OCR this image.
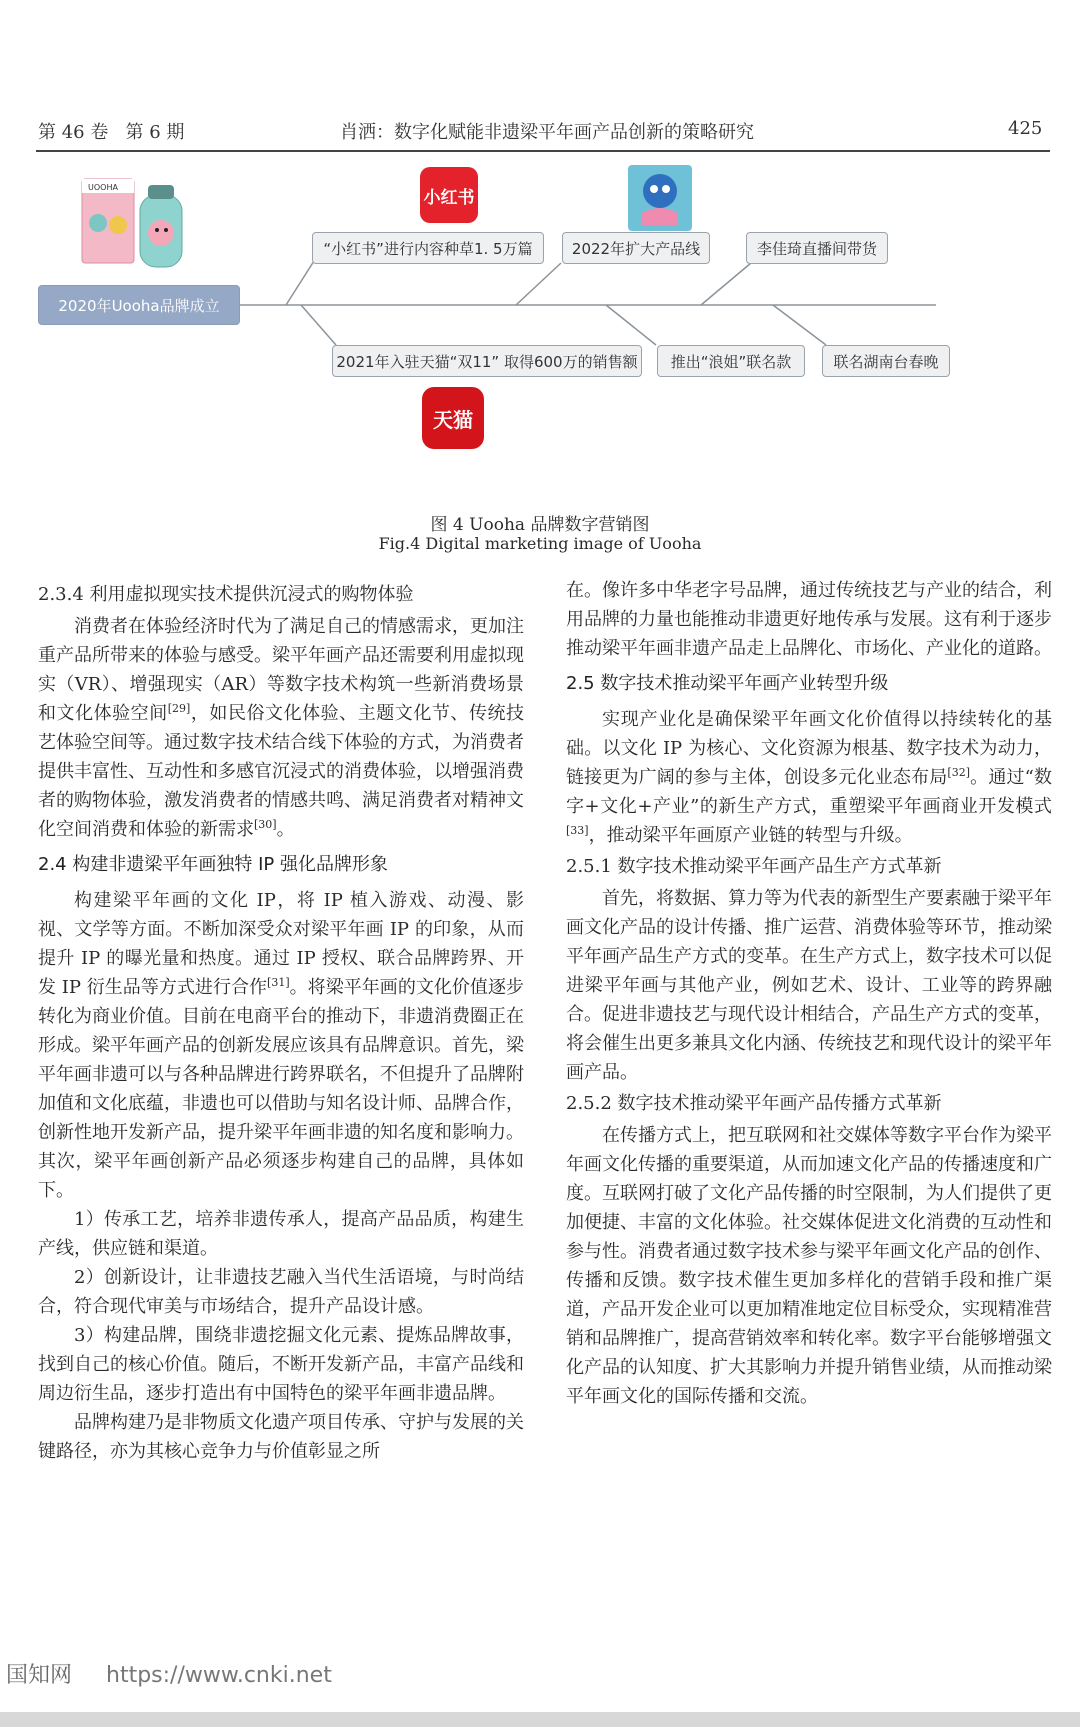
第 46 卷 第 6 期	肖洒：数字化赋能非遗梁平年画产品创新的策略研究	425
UOOHA	小红书
2020年Uooha品牌成立
“小红书”进行内容种草1. 5万篇	2022年扩大产品线	李佳琦直播间带货
2021年入驻天猫“双11” 取得600万的销售额	推出“浪姐”联名款	联名湖南台春晚
天猫
图 4 Uooha 品牌数字营销图
Fig.4 Digital marketing image of Uooha
2.3.4 利用虚拟现实技术提供沉浸式的购物体验

消费者在体验经济时代为了满足自己的情感需求，更加注重产品所带来的体验与感受。梁平年画产品还需要利用虚拟现实（VR）、增强现实（AR）等数字技术构筑一些新消费场景和文化体验空间[29]，如民俗文化体验、主题文化节、传统技艺体验空间等。通过数字技术结合线下体验的方式，为消费者提供丰富性、互动性和多感官沉浸式的消费体验，以增强消费者的购物体验，激发消费者的情感共鸣、满足消费者对精神文化空间消费和体验的新需求[30]。

2.4 构建非遗梁平年画独特 IP 强化品牌形象

构建梁平年画的文化 IP，将 IP 植入游戏、动漫、影视、文学等方面。不断加深受众对梁平年画 IP 的印象，从而提升 IP 的曝光量和热度。通过 IP 授权、联合品牌跨界、开发 IP 衍生品等方式进行合作[31]。将梁平年画的文化价值逐步转化为商业价值。目前在电商平台的推动下，非遗消费圈正在形成。梁平年画产品的创新发展应该具有品牌意识。首先，梁平年画非遗可以与各种品牌进行跨界联名，不但提升了品牌附加值和文化底蕴，非遗也可以借助与知名设计师、品牌合作，创新性地开发新产品，提升梁平年画非遗的知名度和影响力。其次，梁平年画创新产品必须逐步构建自己的品牌，具体如下。

1）传承工艺，培养非遗传承人，提高产品品质，构建生产线，供应链和渠道。

2）创新设计，让非遗技艺融入当代生活语境，与时尚结合，符合现代审美与市场结合，提升产品设计感。

3）构建品牌，围绕非遗挖掘文化元素、提炼品牌故事，找到自己的核心价值。随后，不断开发新产品，丰富产品线和周边衍生品，逐步打造出有中国特色的梁平年画非遗品牌。

品牌构建乃是非物质文化遗产项目传承、守护与发展的关键路径，亦为其核心竞争力与价值彰显之所

在。像许多中华老字号品牌，通过传统技艺与产业的结合，利用品牌的力量也能推动非遗更好地传承与发展。这有利于逐步推动梁平年画非遗产品走上品牌化、市场化、产业化的道路。

2.5 数字技术推动梁平年画产业转型升级

实现产业化是确保梁平年画文化价值得以持续转化的基础。以文化 IP 为核心、文化资源为根基、数字技术为动力，链接更为广阔的参与主体，创设多元化业态布局[32]。通过“数字+文化+产业”的新生产方式，重塑梁平年画商业开发模式[33]，推动梁平年画原产业链的转型与升级。

2.5.1 数字技术推动梁平年画产品生产方式革新

首先，将数据、算力等为代表的新型生产要素融于梁平年画文化产品的设计传播、推广运营、消费体验等环节，推动梁平年画产品生产方式的变革。在生产方式上，数字技术可以促进梁平年画与其他产业，例如艺术、设计、工业等的跨界融合。促进非遗技艺与现代设计相结合，产品生产方式的变革，将会催生出更多兼具文化内涵、传统技艺和现代设计的梁平年画产品。

2.5.2 数字技术推动梁平年画产品传播方式革新

在传播方式上，把互联网和社交媒体等数字平台作为梁平年画文化传播的重要渠道，从而加速文化产品的传播速度和广度。互联网打破了文化产品传播的时空限制，为人们提供了更加便捷、丰富的文化体验。社交媒体促进文化消费的互动性和参与性。消费者通过数字技术参与梁平年画文化产品的创作、传播和反馈。数字技术催生更加多样化的营销手段和推广渠道，产品开发企业可以更加精准地定位目标受众，实现精准营销和品牌推广，提高营销效率和转化率。数字平台能够增强文化产品的认知度、扩大其影响力并提升销售业绩，从而推动梁平年画文化的国际传播和交流。

国知网 https://www.cnki.net
